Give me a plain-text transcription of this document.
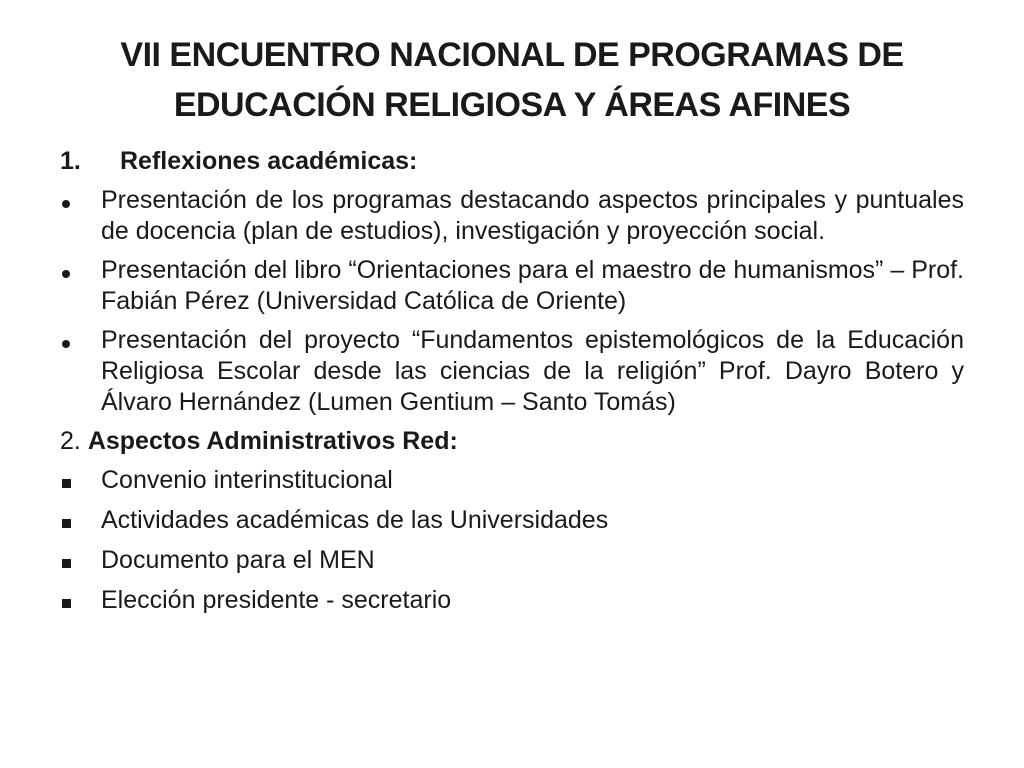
VII ENCUENTRO NACIONAL DE PROGRAMAS DE EDUCACIÓN RELIGIOSA Y ÁREAS AFINES
1.	Reflexiones académicas:
Presentación de los programas destacando aspectos principales y puntuales de docencia (plan de estudios), investigación y proyección social.
Presentación del libro “Orientaciones para el maestro de humanismos” – Prof. Fabián Pérez (Universidad Católica de Oriente)
Presentación del proyecto “Fundamentos epistemológicos de la Educación Religiosa Escolar desde las ciencias de la religión” Prof. Dayro Botero y Álvaro Hernández (Lumen Gentium – Santo Tomás)
2. Aspectos Administrativos Red:
Convenio interinstitucional
Actividades académicas de las Universidades
Documento para el MEN
Elección presidente - secretario
